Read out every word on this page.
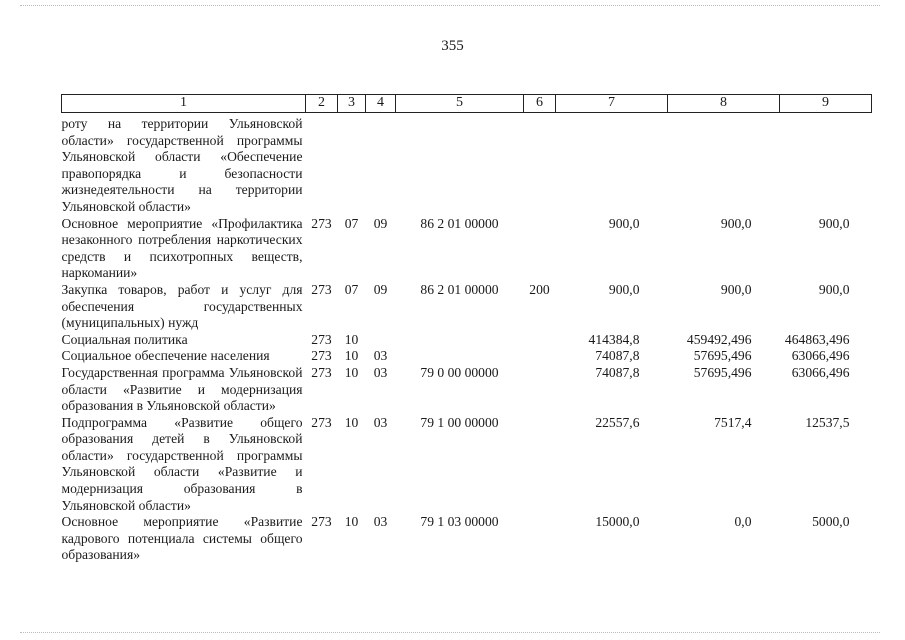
355
1	2	3	4	5	6	7	8	9
роту на территории Ульяновской области» государственной программы Ульяновской области «Обеспечение правопорядка и безопасности жизнедеятельности на территории Ульяновской области»								
Основное мероприятие «Профилактика незаконного потребления наркотических средств и психотропных веществ, наркомании»	273	07	09	86 2 01 00000		900,0	900,0	900,0
Закупка товаров, работ и услуг для обеспечения государственных (муниципальных) нужд	273	07	09	86 2 01 00000	200	900,0	900,0	900,0
Социальная политика	273	10				414384,8	459492,496	464863,496
Социальное обеспечение населения	273	10	03			74087,8	57695,496	63066,496
Государственная программа Ульяновской области «Развитие и модернизация образования в Ульяновской области»	273	10	03	79 0 00 00000		74087,8	57695,496	63066,496
Подпрограмма «Развитие общего образования детей в Ульяновской области» государственной программы Ульяновской области «Развитие и модернизация образования в Ульяновской области»	273	10	03	79 1 00 00000		22557,6	7517,4	12537,5
Основное мероприятие «Развитие кадрового потенциала системы общего образования»	273	10	03	79 1 03 00000		15000,0	0,0	5000,0
